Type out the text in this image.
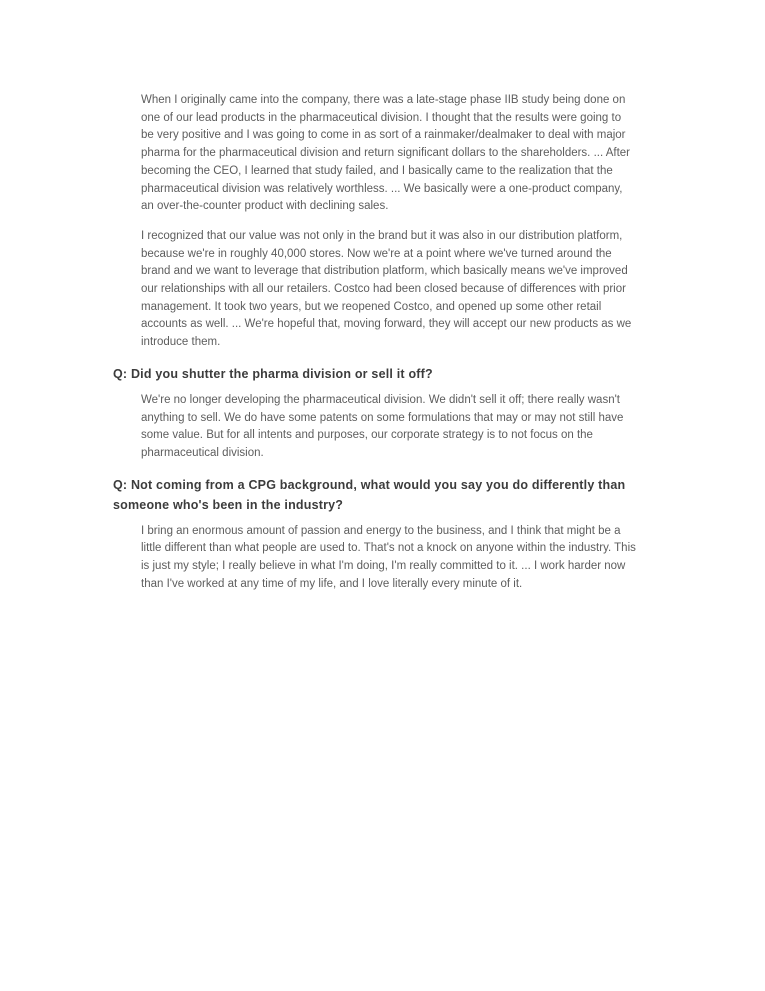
When I originally came into the company, there was a late-stage phase IIB study being done on one of our lead products in the pharmaceutical division. I thought that the results were going to be very positive and I was going to come in as sort of a rainmaker/dealmaker to deal with major pharma for the pharmaceutical division and return significant dollars to the shareholders. ... After becoming the CEO, I learned that study failed, and I basically came to the realization that the pharmaceutical division was relatively worthless. ... We basically were a one-product company, an over-the-counter product with declining sales.
I recognized that our value was not only in the brand but it was also in our distribution platform, because we're in roughly 40,000 stores. Now we're at a point where we've turned around the brand and we want to leverage that distribution platform, which basically means we've improved our relationships with all our retailers. Costco had been closed because of differences with prior management. It took two years, but we reopened Costco, and opened up some other retail accounts as well. ... We're hopeful that, moving forward, they will accept our new products as we introduce them.
Q: Did you shutter the pharma division or sell it off?
We're no longer developing the pharmaceutical division. We didn't sell it off; there really wasn't anything to sell. We do have some patents on some formulations that may or may not still have some value. But for all intents and purposes, our corporate strategy is to not focus on the pharmaceutical division.
Q: Not coming from a CPG background, what would you say you do differently than someone who's been in the industry?
I bring an enormous amount of passion and energy to the business, and I think that might be a little different than what people are used to. That's not a knock on anyone within the industry. This is just my style; I really believe in what I'm doing, I'm really committed to it. ... I work harder now than I've worked at any time of my life, and I love literally every minute of it.
